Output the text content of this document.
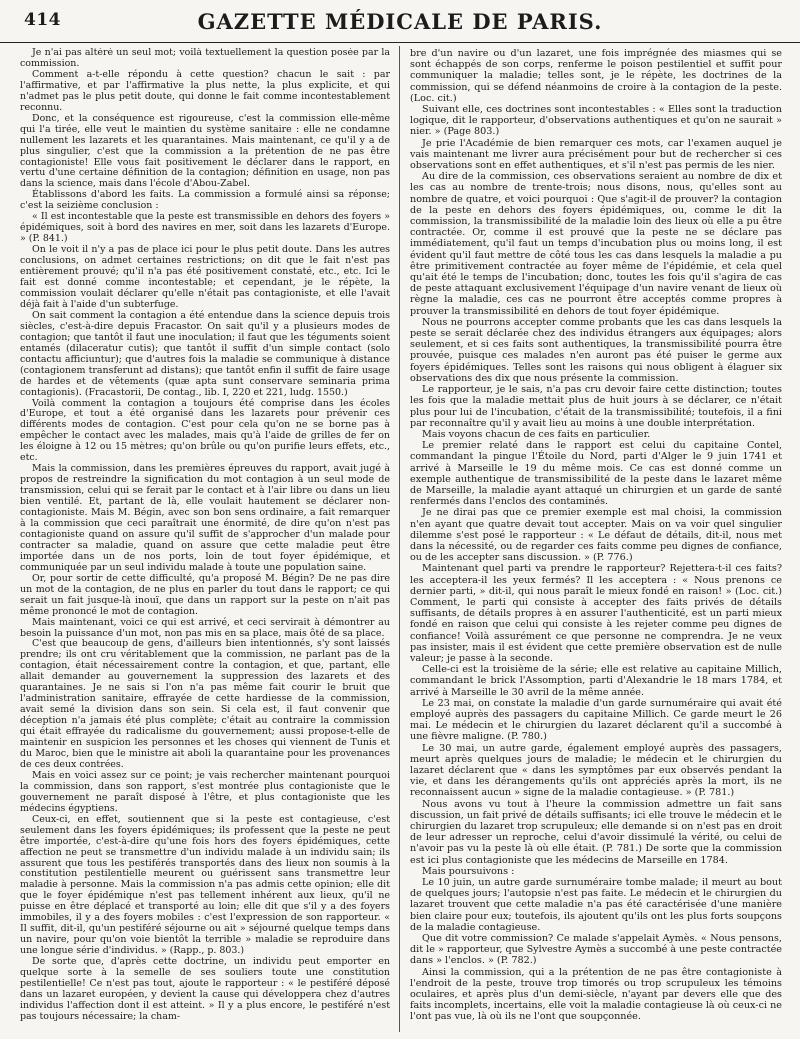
414	GAZETTE MÉDICALE DE PARIS.

Je n'ai pas altéré un seul mot; voilà textuellement la question posée par la commission.

Comment a-t-elle répondu à cette question? chacun le sait : par l'affirmative, et par l'affirmative la plus nette, la plus explicite, et qui n'admet pas le plus petit doute, qui donne le fait comme incontestablement reconnu.

Donc, et la conséquence est rigoureuse, c'est la commission elle-même qui l'a tirée, elle veut le maintien du système sanitaire : elle ne condamne nullement les lazarets et les quarantaines. Mais maintenant, ce qu'il y a de plus singulier, c'est que la commission a la prétention de ne pas être contagioniste! Elle vous fait positivement le déclarer dans le rapport, en vertu d'une certaine définition de la contagion; définition en usage, non pas dans la science, mais dans l'école d'Abou-Zabel.

Établissons d'abord les faits. La commission a formulé ainsi sa réponse; c'est la seizième conclusion :

« Il est incontestable que la peste est transmissible en dehors des foyers » épidémiques, soit à bord des navires en mer, soit dans les lazarets d'Europe. » (P. 841.)

On le voit il n'y a pas de place ici pour le plus petit doute. Dans les autres conclusions, on admet certaines restrictions; on dit que le fait n'est pas entièrement prouvé; qu'il n'a pas été positivement constaté, etc., etc. Ici le fait est donné comme incontestable; et cependant, je le répète, la commission voulait déclarer qu'elle n'était pas contagioniste, et elle l'avait déjà fait à l'aide d'un subterfuge.

On sait comment la contagion a été entendue dans la science depuis trois siècles, c'est-à-dire depuis Fracastor. On sait qu'il y a plusieurs modes de contagion; que tantôt il faut une inoculation; il faut que les téguments soient entamés (dilaceratur cutis); que tantôt il suffit d'un simple contact (solo contactu afficiuntur); que d'autres fois la maladie se communique à distance (contagionem transferunt ad distans); que tantôt enfin il suffit de faire usage de hardes et de vêtements (quæ apta sunt conservare seminaria prima contagionis). (Fracastorii, De contag., lib. I, 220 et 221, ludg. 1550.)

Voilà comment la contagion a toujours été comprise dans les écoles d'Europe, et tout a été organisé dans les lazarets pour prévenir ces différents modes de contagion. C'est pour cela qu'on ne se borne pas à empêcher le contact avec les malades, mais qu'à l'aide de grilles de fer on les éloigne à 12 ou 15 mètres; qu'on brûle ou qu'on purifie leurs effets, etc., etc.

Mais la commission, dans les premières épreuves du rapport, avait jugé à propos de restreindre la signification du mot contagion à un seul mode de transmission, celui qui se ferait par le contact et à l'air libre ou dans un lieu bien ventilé. Et, partant de là, elle voulait hautement se déclarer non-contagioniste. Mais M. Bégin, avec son bon sens ordinaire, a fait remarquer à la commission que ceci paraîtrait une énormité, de dire qu'on n'est pas contagioniste quand on assure qu'il suffit de s'approcher d'un malade pour contracter sa maladie, quand on assure que cette maladie peut être importée dans un de nos ports, loin de tout foyer épidémique, et communiquée par un seul individu malade à toute une population saine.

Or, pour sortir de cette difficulté, qu'a proposé M. Bégin? De ne pas dire un mot de la contagion, de ne plus en parler du tout dans le rapport; ce qui serait un fait jusque-là inouï, que dans un rapport sur la peste on n'ait pas même prononcé le mot de contagion.

Mais maintenant, voici ce qui est arrivé, et ceci servirait à démontrer au besoin la puissance d'un mot, non pas mis en sa place, mais ôté de sa place.

C'est que beaucoup de gens, d'ailleurs bien intentionnés, s'y sont laissés prendre; ils ont cru véritablement que la commission, ne parlant pas de la contagion, était nécessairement contre la contagion, et que, partant, elle allait demander au gouvernement la suppression des lazarets et des quarantaines. Je ne sais si l'on n'a pas même fait courir le bruit que l'administration sanitaire, effrayée de cette hardiesse de la commission, avait semé la division dans son sein. Si cela est, il faut convenir que déception n'a jamais été plus complète; c'était au contraire la commission qui était effrayée du radicalisme du gouvernement; aussi propose-t-elle de maintenir en suspicion les personnes et les choses qui viennent de Tunis et du Maroc, bien que le ministre ait aboli la quarantaine pour les provenances de ces deux contrées.

Mais en voici assez sur ce point; je vais rechercher maintenant pourquoi la commission, dans son rapport, s'est montrée plus contagioniste que le gouvernement ne paraît disposé à l'être, et plus contagioniste que les médecins égyptiens.

Ceux-ci, en effet, soutiennent que si la peste est contagieuse, c'est seulement dans les foyers épidémiques; ils professent que la peste ne peut être importée, c'est-à-dire qu'une fois hors des foyers épidémiques, cette affection ne peut se transmettre d'un individu malade à un individu sain; ils assurent que tous les pestiférés transportés dans des lieux non soumis à la constitution pestilentielle meurent ou guérissent sans transmettre leur maladie à personne. Mais la commission n'a pas admis cette opinion; elle dit que le foyer épidémique n'est pas tellement inhérent aux lieux, qu'il ne puisse en être déplacé et transporté au loin; elle dit que s'il y a des foyers immobiles, il y a des foyers mobiles : c'est l'expression de son rapporteur. « Il suffit, dit-il, qu'un pestiféré séjourne ou ait » séjourné quelque temps dans un navire, pour qu'on voie bientôt la terrible » maladie se reproduire dans une longue série d'individus. » (Rapp., p. 803.)

De sorte que, d'après cette doctrine, un individu peut emporter en quelque sorte à la semelle de ses souliers toute une constitution pestilentielle! Ce n'est pas tout, ajoute le rapporteur : « le pestiféré déposé dans un lazaret européen, y devient la cause qui développera chez d'autres individus l'affection dont il est atteint. » Il y a plus encore, le pestiféré n'est pas toujours nécessaire; la cham-

bre d'un navire ou d'un lazaret, une fois imprégnée des miasmes qui se sont échappés de son corps, renferme le poison pestilentiel et suffit pour communiquer la maladie; telles sont, je le répète, les doctrines de la commission, qui se défend néanmoins de croire à la contagion de la peste. (Loc. cit.)

Suivant elle, ces doctrines sont incontestables : « Elles sont la traduction logique, dit le rapporteur, d'observations authentiques et qu'on ne saurait » nier. » (Page 803.)

Je prie l'Académie de bien remarquer ces mots, car l'examen auquel je vais maintenant me livrer aura précisément pour but de rechercher si ces observations sont en effet authentiques, et s'il n'est pas permis de les nier.

Au dire de la commission, ces observations seraient au nombre de dix et les cas au nombre de trente-trois; nous disons, nous, qu'elles sont au nombre de quatre, et voici pourquoi : Que s'agit-il de prouver? la contagion de la peste en dehors des foyers épidémiques, ou, comme le dit la commission, la transmissibilité de la maladie loin des lieux où elle a pu être contractée. Or, comme il est prouvé que la peste ne se déclare pas immédiatement, qu'il faut un temps d'incubation plus ou moins long, il est évident qu'il faut mettre de côté tous les cas dans lesquels la maladie a pu être primitivement contractée au foyer même de l'épidémie, et cela quel qu'ait été le temps de l'incubation; donc, toutes les fois qu'il s'agira de cas de peste attaquant exclusivement l'équipage d'un navire venant de lieux où règne la maladie, ces cas ne pourront être acceptés comme propres à prouver la transmissibilité en dehors de tout foyer épidémique.

Nous ne pourrons accepter comme probants que les cas dans lesquels la peste se serait déclarée chez des individus étrangers aux équipages; alors seulement, et si ces faits sont authentiques, la transmissibilité pourra être prouvée, puisque ces malades n'en auront pas été puiser le germe aux foyers épidémiques. Telles sont les raisons qui nous obligent à élaguer six observations des dix que nous présente la commission.

Le rapporteur, je le sais, n'a pas cru devoir faire cette distinction; toutes les fois que la maladie mettait plus de huit jours à se déclarer, ce n'était plus pour lui de l'incubation, c'était de la transmissibilité; toutefois, il a fini par reconnaître qu'il y avait lieu au moins à une double interprétation.

Mais voyons chacun de ces faits en particulier.

Le premier relaté dans le rapport est celui du capitaine Contel, commandant la pingue l'Étoile du Nord, parti d'Alger le 9 juin 1741 et arrivé à Marseille le 19 du même mois. Ce cas est donné comme un exemple authentique de transmissibilité de la peste dans le lazaret même de Marseille, la maladie ayant attaqué un chirurgien et un garde de santé renfermés dans l'enclos des contaminés.

Je ne dirai pas que ce premier exemple est mal choisi, la commission n'en ayant que quatre devait tout accepter. Mais on va voir quel singulier dilemme s'est posé le rapporteur : « Le défaut de détails, dit-il, nous met dans la nécessité, ou de regarder ces faits comme peu dignes de confiance, ou de les accepter sans discussion. » (P. 776.)

Maintenant quel parti va prendre le rapporteur? Rejettera-t-il ces faits? les acceptera-il les yeux fermés? Il les acceptera : « Nous prenons ce dernier parti, » dit-il, qui nous paraît le mieux fondé en raison! » (Loc. cit.) Comment, le parti qui consiste à accepter des faits privés de détails suffisants, de détails propres à en assurer l'authenticité, est un parti mieux fondé en raison que celui qui consiste à les rejeter comme peu dignes de confiance! Voilà assurément ce que personne ne comprendra. Je ne veux pas insister, mais il est évident que cette première observation est de nulle valeur; je passe à la seconde.

Celle-ci est la troisième de la série; elle est relative au capitaine Millich, commandant le brick l'Assomption, parti d'Alexandrie le 18 mars 1784, et arrivé à Marseille le 30 avril de la même année.

Le 23 mai, on constate la maladie d'un garde surnuméraire qui avait été employé auprès des passagers du capitaine Millich. Ce garde meurt le 26 mai. Le médecin et le chirurgien du lazaret déclarent qu'il a succombé à une fièvre maligne. (P. 780.)

Le 30 mai, un autre garde, également employé auprès des passagers, meurt après quelques jours de maladie; le médecin et le chirurgien du lazaret déclarent que « dans les symptômes par eux observés pendant la vie, et dans les dérangements qu'ils ont appréciés après la mort, ils ne reconnaissent aucun » signe de la maladie contagieuse. » (P. 781.)

Nous avons vu tout à l'heure la commission admettre un fait sans discussion, un fait privé de détails suffisants; ici elle trouve le médecin et le chirurgien du lazaret trop scrupuleux; elle demande si on n'est pas en droit de leur adresser un reproche, celui d'avoir dissimulé la vérité, ou celui de n'avoir pas vu la peste là où elle était. (P. 781.) De sorte que la commission est ici plus contagioniste que les médecins de Marseille en 1784.

Mais poursuivons :

Le 10 juin, un autre garde surnuméraire tombe malade; il meurt au bout de quelques jours; l'autopsie n'est pas faite. Le médecin et le chirurgien du lazaret trouvent que cette maladie n'a pas été caractérisée d'une manière bien claire pour eux; toutefois, ils ajoutent qu'ils ont les plus forts soupçons de la maladie contagieuse.

Que dit votre commission? Ce malade s'appelait Aymès. « Nous pensons, dit le » rapporteur, que Sylvestre Aymès a succombé à une peste contractée dans » l'enclos. » (P. 782.)

Ainsi la commission, qui a la prétention de ne pas être contagioniste à l'endroit de la peste, trouve trop timorés ou trop scrupuleux les témoins oculaires, et après plus d'un demi-siècle, n'ayant par devers elle que des faits incomplets, incertains, elle voit la maladie contagieuse là où ceux-ci ne l'ont pas vue, là où ils ne l'ont que soupçonnée.
